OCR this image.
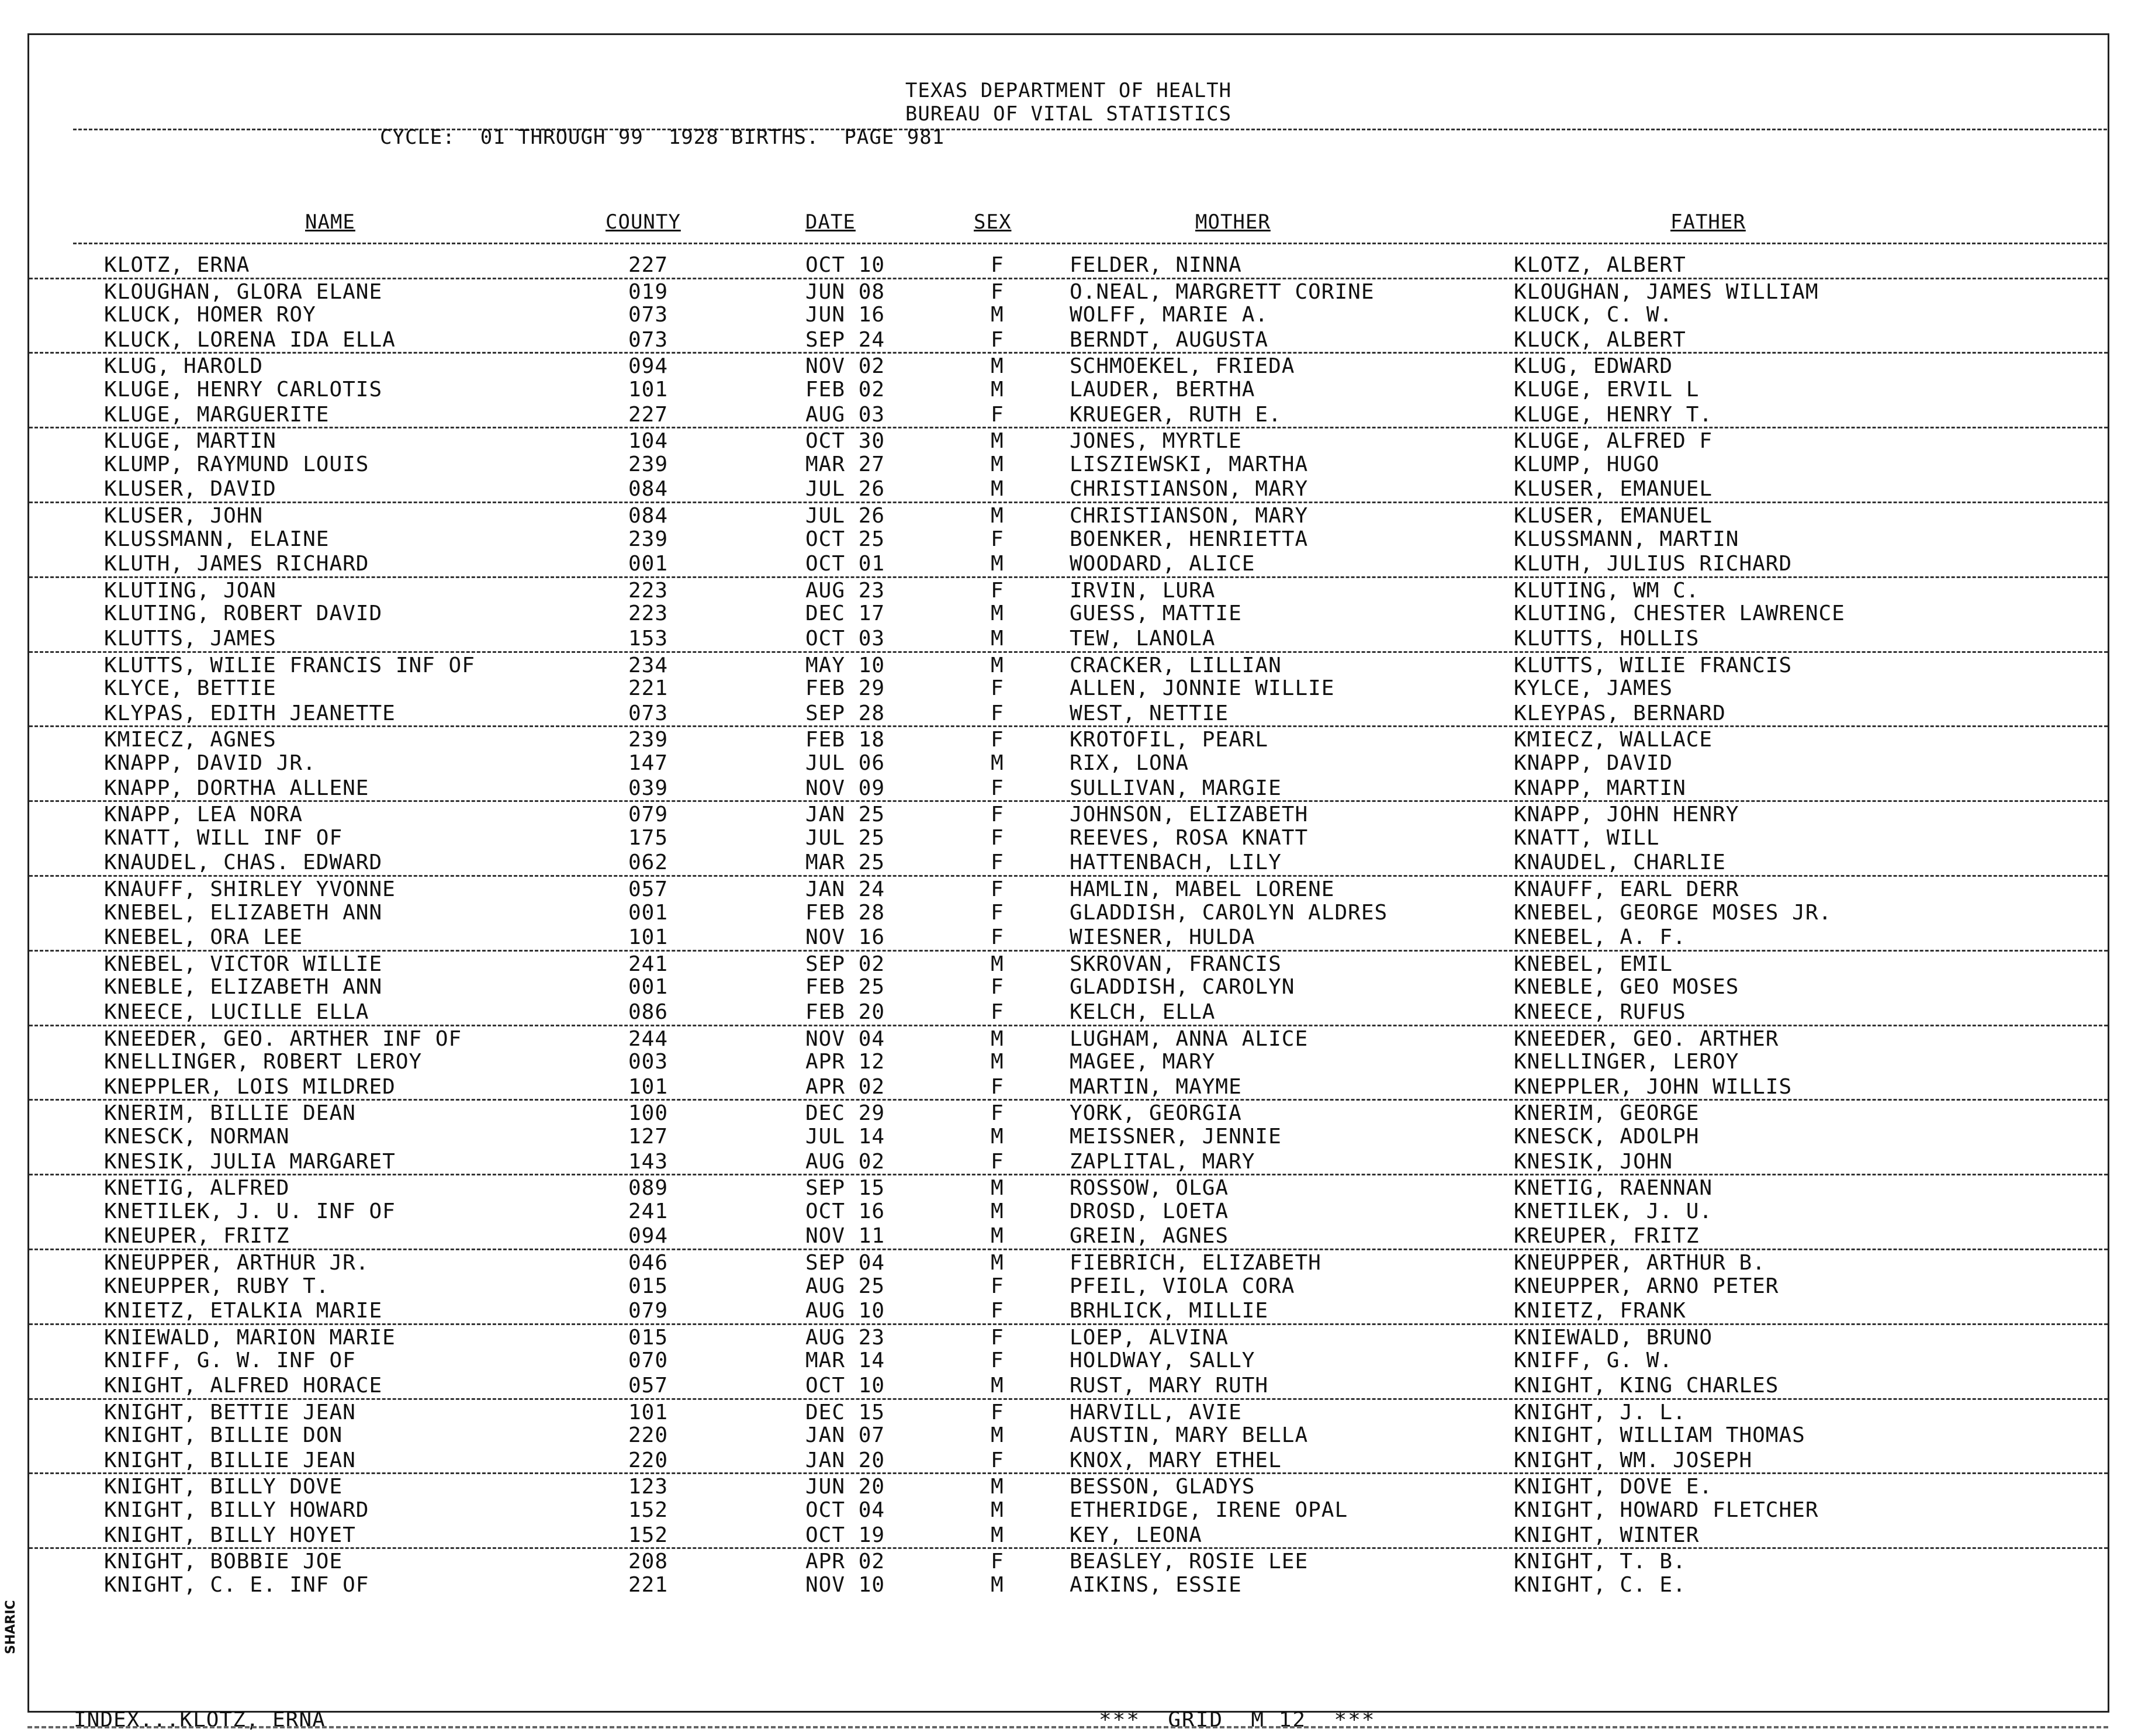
TEXAS DEPARTMENT OF HEALTH
BUREAU OF VITAL STATISTICS
CYCLE:  01 THROUGH 99  1928 BIRTHS.  PAGE 981
NAME	COUNTY	DATE	SEX	MOTHER	FATHER
KLOTZ, ERNA	227	OCT 10	F	FELDER, NINNA	KLOTZ, ALBERT
KLOUGHAN, GLORA ELANE	019	JUN 08	F	O.NEAL, MARGRETT CORINE	KLOUGHAN, JAMES WILLIAM
KLUCK, HOMER ROY	073	JUN 16	M	WOLFF, MARIE A.	KLUCK, C. W.
KLUCK, LORENA IDA ELLA	073	SEP 24	F	BERNDT, AUGUSTA	KLUCK, ALBERT
KLUG, HAROLD	094	NOV 02	M	SCHMOEKEL, FRIEDA	KLUG, EDWARD
KLUGE, HENRY CARLOTIS	101	FEB 02	M	LAUDER, BERTHA	KLUGE, ERVIL L
KLUGE, MARGUERITE	227	AUG 03	F	KRUEGER, RUTH E.	KLUGE, HENRY T.
KLUGE, MARTIN	104	OCT 30	M	JONES, MYRTLE	KLUGE, ALFRED F
KLUMP, RAYMUND LOUIS	239	MAR 27	M	LISZIEWSKI, MARTHA	KLUMP, HUGO
KLUSER, DAVID	084	JUL 26	M	CHRISTIANSON, MARY	KLUSER, EMANUEL
KLUSER, JOHN	084	JUL 26	M	CHRISTIANSON, MARY	KLUSER, EMANUEL
KLUSSMANN, ELAINE	239	OCT 25	F	BOENKER, HENRIETTA	KLUSSMANN, MARTIN
KLUTH, JAMES RICHARD	001	OCT 01	M	WOODARD, ALICE	KLUTH, JULIUS RICHARD
KLUTING, JOAN	223	AUG 23	F	IRVIN, LURA	KLUTING, WM C.
KLUTING, ROBERT DAVID	223	DEC 17	M	GUESS, MATTIE	KLUTING, CHESTER LAWRENCE
KLUTTS, JAMES	153	OCT 03	M	TEW, LANOLA	KLUTTS, HOLLIS
KLUTTS, WILIE FRANCIS INF OF	234	MAY 10	M	CRACKER, LILLIAN	KLUTTS, WILIE FRANCIS
KLYCE, BETTIE	221	FEB 29	F	ALLEN, JONNIE WILLIE	KYLCE, JAMES
KLYPAS, EDITH JEANETTE	073	SEP 28	F	WEST, NETTIE	KLEYPAS, BERNARD
KMIECZ, AGNES	239	FEB 18	F	KROTOFIL, PEARL	KMIECZ, WALLACE
KNAPP, DAVID JR.	147	JUL 06	M	RIX, LONA	KNAPP, DAVID
KNAPP, DORTHA ALLENE	039	NOV 09	F	SULLIVAN, MARGIE	KNAPP, MARTIN
KNAPP, LEA NORA	079	JAN 25	F	JOHNSON, ELIZABETH	KNAPP, JOHN HENRY
KNATT, WILL INF OF	175	JUL 25	F	REEVES, ROSA KNATT	KNATT, WILL
KNAUDEL, CHAS. EDWARD	062	MAR 25	F	HATTENBACH, LILY	KNAUDEL, CHARLIE
KNAUFF, SHIRLEY YVONNE	057	JAN 24	F	HAMLIN, MABEL LORENE	KNAUFF, EARL DERR
KNEBEL, ELIZABETH ANN	001	FEB 28	F	GLADDISH, CAROLYN ALDRES	KNEBEL, GEORGE MOSES JR.
KNEBEL, ORA LEE	101	NOV 16	F	WIESNER, HULDA	KNEBEL, A. F.
KNEBEL, VICTOR WILLIE	241	SEP 02	M	SKROVAN, FRANCIS	KNEBEL, EMIL
KNEBLE, ELIZABETH ANN	001	FEB 25	F	GLADDISH, CAROLYN	KNEBLE, GEO MOSES
KNEECE, LUCILLE ELLA	086	FEB 20	F	KELCH, ELLA	KNEECE, RUFUS
KNEEDER, GEO. ARTHER INF OF	244	NOV 04	M	LUGHAM, ANNA ALICE	KNEEDER, GEO. ARTHER
KNELLINGER, ROBERT LEROY	003	APR 12	M	MAGEE, MARY	KNELLINGER, LEROY
KNEPPLER, LOIS MILDRED	101	APR 02	F	MARTIN, MAYME	KNEPPLER, JOHN WILLIS
KNERIM, BILLIE DEAN	100	DEC 29	F	YORK, GEORGIA	KNERIM, GEORGE
KNESCK, NORMAN	127	JUL 14	M	MEISSNER, JENNIE	KNESCK, ADOLPH
KNESIK, JULIA MARGARET	143	AUG 02	F	ZAPLITAL, MARY	KNESIK, JOHN
KNETIG, ALFRED	089	SEP 15	M	ROSSOW, OLGA	KNETIG, RAENNAN
KNETILEK, J. U. INF OF	241	OCT 16	M	DROSD, LOETA	KNETILEK, J. U.
KNEUPER, FRITZ	094	NOV 11	M	GREIN, AGNES	KREUPER, FRITZ
KNEUPPER, ARTHUR JR.	046	SEP 04	M	FIEBRICH, ELIZABETH	KNEUPPER, ARTHUR B.
KNEUPPER, RUBY T.	015	AUG 25	F	PFEIL, VIOLA CORA	KNEUPPER, ARNO PETER
KNIETZ, ETALKIA MARIE	079	AUG 10	F	BRHLICK, MILLIE	KNIETZ, FRANK
KNIEWALD, MARION MARIE	015	AUG 23	F	LOEP, ALVINA	KNIEWALD, BRUNO
KNIFF, G. W. INF OF	070	MAR 14	F	HOLDWAY, SALLY	KNIFF, G. W.
KNIGHT, ALFRED HORACE	057	OCT 10	M	RUST, MARY RUTH	KNIGHT, KING CHARLES
KNIGHT, BETTIE JEAN	101	DEC 15	F	HARVILL, AVIE	KNIGHT, J. L.
KNIGHT, BILLIE DON	220	JAN 07	M	AUSTIN, MARY BELLA	KNIGHT, WILLIAM THOMAS
KNIGHT, BILLIE JEAN	220	JAN 20	F	KNOX, MARY ETHEL	KNIGHT, WM. JOSEPH
KNIGHT, BILLY DOVE	123	JUN 20	M	BESSON, GLADYS	KNIGHT, DOVE E.
KNIGHT, BILLY HOWARD	152	OCT 04	M	ETHERIDGE, IRENE OPAL	KNIGHT, HOWARD FLETCHER
KNIGHT, BILLY HOYET	152	OCT 19	M	KEY, LEONA	KNIGHT, WINTER
KNIGHT, BOBBIE JOE	208	APR 02	F	BEASLEY, ROSIE LEE	KNIGHT, T. B.
KNIGHT, C. E. INF OF	221	NOV 10	M	AIKINS, ESSIE	KNIGHT, C. E.
INDEX...KLOTZ, ERNA	***  GRID  M 12  ***
SHARIC
